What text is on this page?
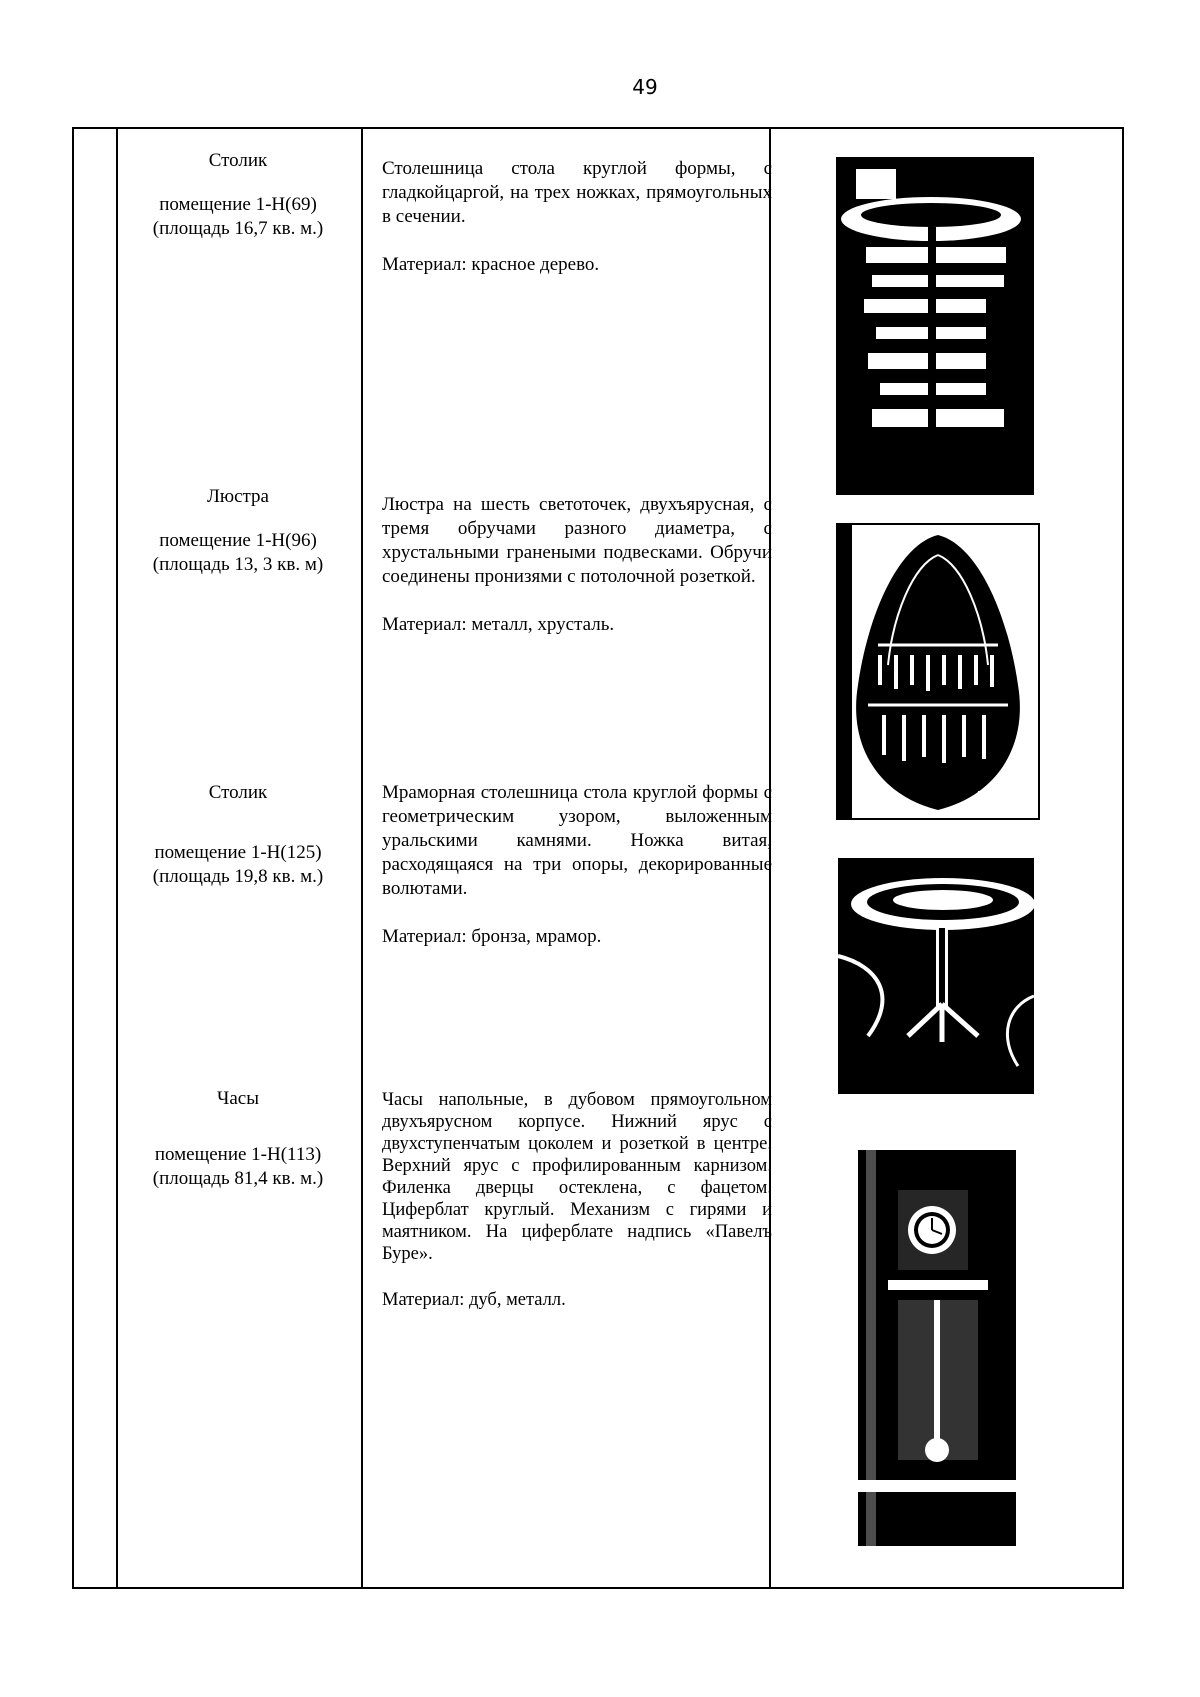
49
Столик
помещение 1-Н(69)
(площадь 16,7 кв. м.)
Столешница стола круглой формы, с гладкойцаргой, на трех ножках, прямоугольных в сечении.
Материал: красное дерево.
Люстра
помещение 1-Н(96)
(площадь 13, 3 кв. м)
Люстра на шесть светоточек, двухъярусная, с тремя обручами разного диаметра, с хрустальными гранеными подвесками. Обручи соединены пронизями с потолочной розеткой.
Материал: металл, хрусталь.
Столик
помещение 1-Н(125)
(площадь 19,8 кв. м.)
Мраморная столешница стола круглой формы с геометрическим узором, выложенным уральскими камнями. Ножка витая, расходящаяся на три опоры, декорированные волютами.
Материал: бронза, мрамор.
Часы
помещение 1-Н(113)
(площадь 81,4 кв. м.)
Часы напольные, в дубовом прямоугольном двухъярусном корпусе. Нижний ярус с двухступенчатым цоколем и розеткой в центре. Верхний ярус с профилированным карнизом. Филенка дверцы остеклена, с фацетом. Циферблат круглый. Механизм с гирями и маятником. На циферблате надпись «Павелъ Буре».
Материал: дуб, металл.
